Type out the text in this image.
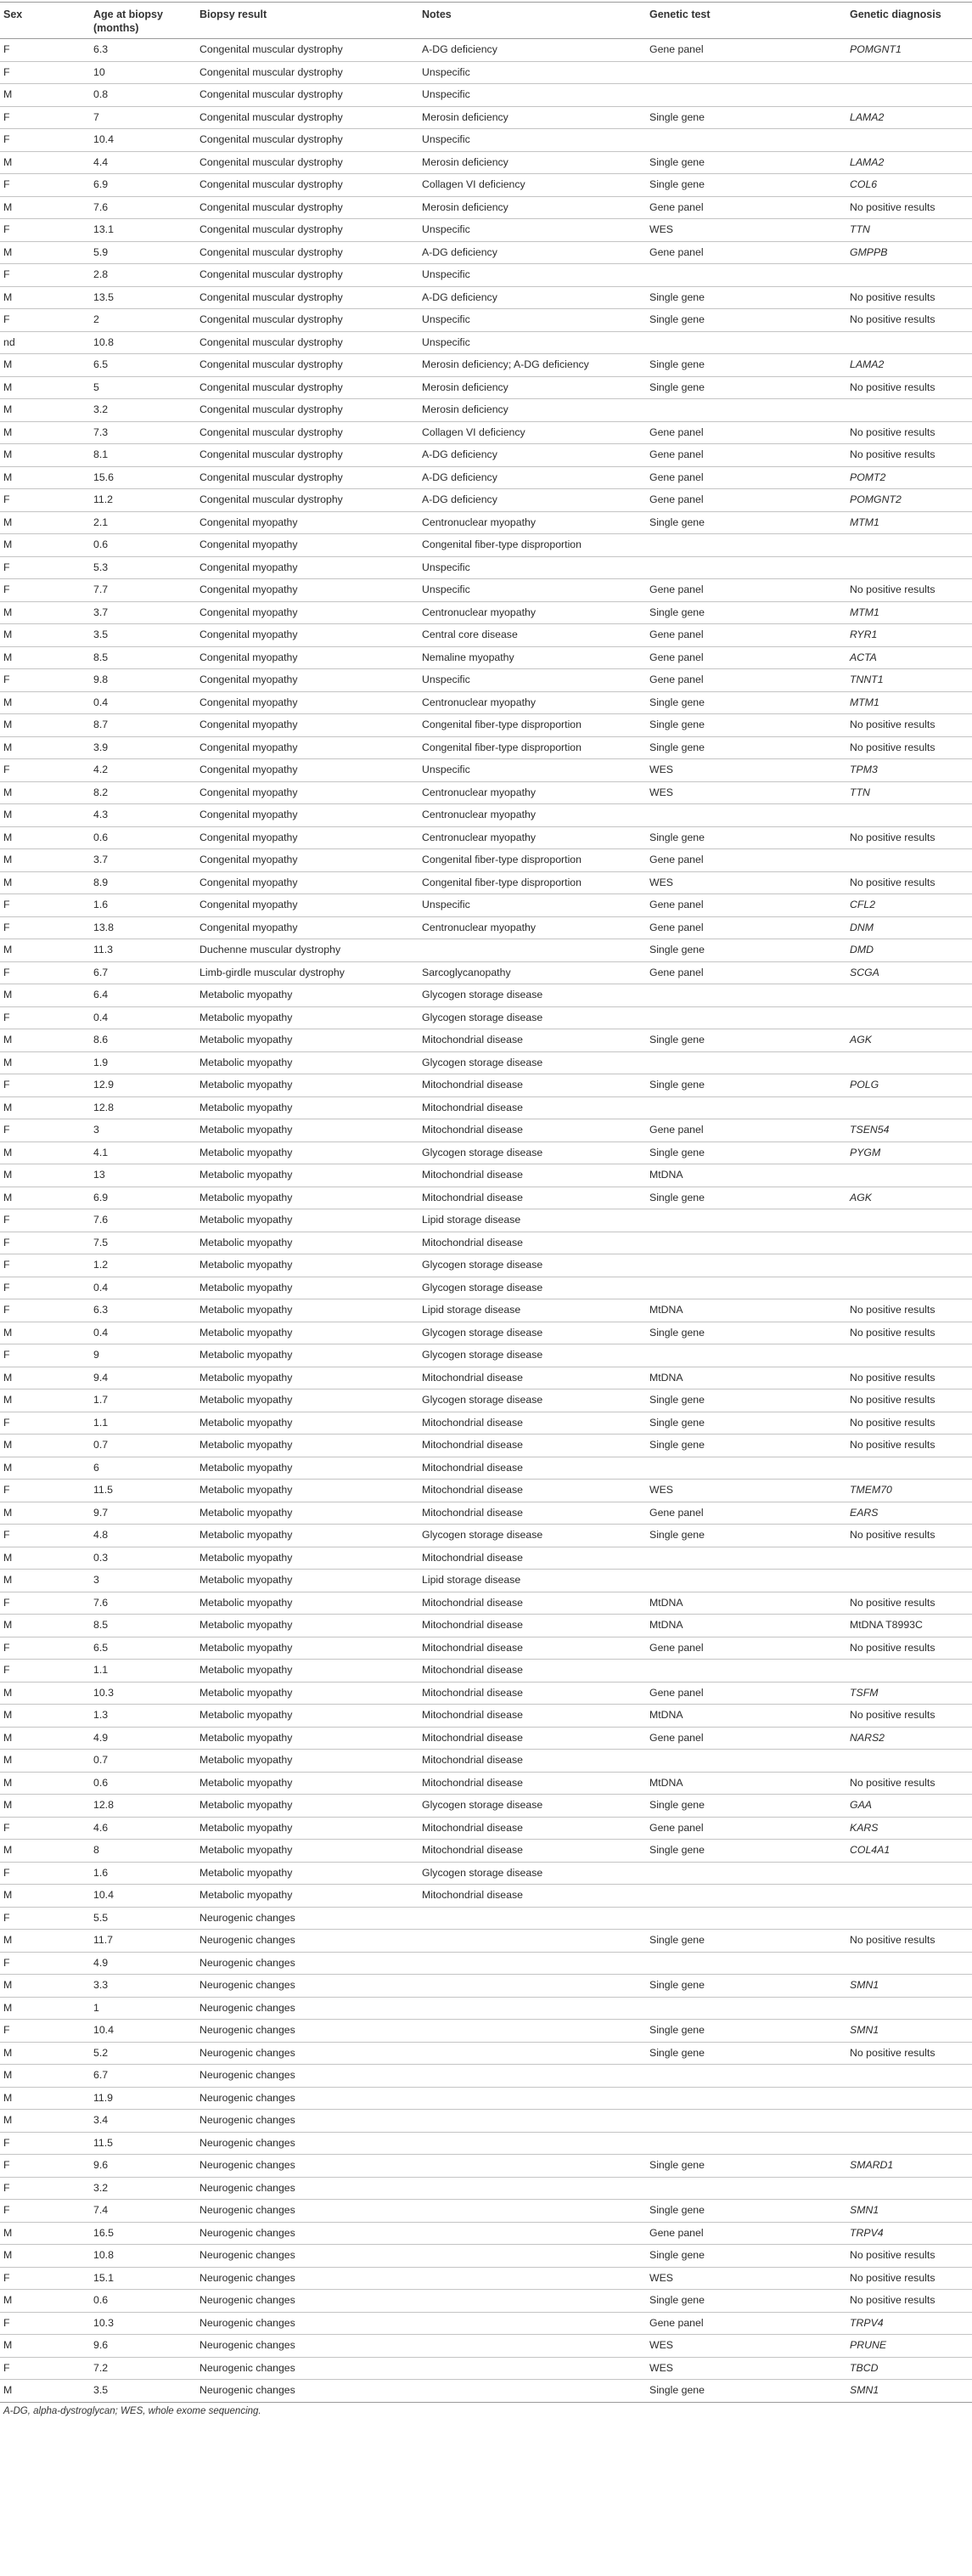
Sex	Age at biopsy (months)	Biopsy result	Notes	Genetic test	Genetic diagnosis
F	6.3	Congenital muscular dystrophy	A-DG deficiency	Gene panel	POMGNT1
F	10	Congenital muscular dystrophy	Unspecific		
M	0.8	Congenital muscular dystrophy	Unspecific		
F	7	Congenital muscular dystrophy	Merosin deficiency	Single gene	LAMA2
F	10.4	Congenital muscular dystrophy	Unspecific		
M	4.4	Congenital muscular dystrophy	Merosin deficiency	Single gene	LAMA2
F	6.9	Congenital muscular dystrophy	Collagen VI deficiency	Single gene	COL6
M	7.6	Congenital muscular dystrophy	Merosin deficiency	Gene panel	No positive results
F	13.1	Congenital muscular dystrophy	Unspecific	WES	TTN
M	5.9	Congenital muscular dystrophy	A-DG deficiency	Gene panel	GMPPB
F	2.8	Congenital muscular dystrophy	Unspecific		
M	13.5	Congenital muscular dystrophy	A-DG deficiency	Single gene	No positive results
F	2	Congenital muscular dystrophy	Unspecific	Single gene	No positive results
nd	10.8	Congenital muscular dystrophy	Unspecific		
M	6.5	Congenital muscular dystrophy	Merosin deficiency; A-DG deficiency	Single gene	LAMA2
M	5	Congenital muscular dystrophy	Merosin deficiency	Single gene	No positive results
M	3.2	Congenital muscular dystrophy	Merosin deficiency		
M	7.3	Congenital muscular dystrophy	Collagen VI deficiency	Gene panel	No positive results
M	8.1	Congenital muscular dystrophy	A-DG deficiency	Gene panel	No positive results
M	15.6	Congenital muscular dystrophy	A-DG deficiency	Gene panel	POMT2
F	11.2	Congenital muscular dystrophy	A-DG deficiency	Gene panel	POMGNT2
M	2.1	Congenital myopathy	Centronuclear myopathy	Single gene	MTM1
M	0.6	Congenital myopathy	Congenital fiber-type disproportion		
F	5.3	Congenital myopathy	Unspecific		
F	7.7	Congenital myopathy	Unspecific	Gene panel	No positive results
M	3.7	Congenital myopathy	Centronuclear myopathy	Single gene	MTM1
M	3.5	Congenital myopathy	Central core disease	Gene panel	RYR1
M	8.5	Congenital myopathy	Nemaline myopathy	Gene panel	ACTA
F	9.8	Congenital myopathy	Unspecific	Gene panel	TNNT1
M	0.4	Congenital myopathy	Centronuclear myopathy	Single gene	MTM1
M	8.7	Congenital myopathy	Congenital fiber-type disproportion	Single gene	No positive results
M	3.9	Congenital myopathy	Congenital fiber-type disproportion	Single gene	No positive results
F	4.2	Congenital myopathy	Unspecific	WES	TPM3
M	8.2	Congenital myopathy	Centronuclear myopathy	WES	TTN
M	4.3	Congenital myopathy	Centronuclear myopathy		
M	0.6	Congenital myopathy	Centronuclear myopathy	Single gene	No positive results
M	3.7	Congenital myopathy	Congenital fiber-type disproportion	Gene panel	
M	8.9	Congenital myopathy	Congenital fiber-type disproportion	WES	No positive results
F	1.6	Congenital myopathy	Unspecific	Gene panel	CFL2
F	13.8	Congenital myopathy	Centronuclear myopathy	Gene panel	DNM
M	11.3	Duchenne muscular dystrophy		Single gene	DMD
F	6.7	Limb-girdle muscular dystrophy	Sarcoglycanopathy	Gene panel	SCGA
M	6.4	Metabolic myopathy	Glycogen storage disease		
F	0.4	Metabolic myopathy	Glycogen storage disease		
M	8.6	Metabolic myopathy	Mitochondrial disease	Single gene	AGK
M	1.9	Metabolic myopathy	Glycogen storage disease		
F	12.9	Metabolic myopathy	Mitochondrial disease	Single gene	POLG
M	12.8	Metabolic myopathy	Mitochondrial disease		
F	3	Metabolic myopathy	Mitochondrial disease	Gene panel	TSEN54
M	4.1	Metabolic myopathy	Glycogen storage disease	Single gene	PYGM
M	13	Metabolic myopathy	Mitochondrial disease	MtDNA	
M	6.9	Metabolic myopathy	Mitochondrial disease	Single gene	AGK
F	7.6	Metabolic myopathy	Lipid storage disease		
F	7.5	Metabolic myopathy	Mitochondrial disease		
F	1.2	Metabolic myopathy	Glycogen storage disease		
F	0.4	Metabolic myopathy	Glycogen storage disease		
F	6.3	Metabolic myopathy	Lipid storage disease	MtDNA	No positive results
M	0.4	Metabolic myopathy	Glycogen storage disease	Single gene	No positive results
F	9	Metabolic myopathy	Glycogen storage disease		
M	9.4	Metabolic myopathy	Mitochondrial disease	MtDNA	No positive results
M	1.7	Metabolic myopathy	Glycogen storage disease	Single gene	No positive results
F	1.1	Metabolic myopathy	Mitochondrial disease	Single gene	No positive results
M	0.7	Metabolic myopathy	Mitochondrial disease	Single gene	No positive results
M	6	Metabolic myopathy	Mitochondrial disease		
F	11.5	Metabolic myopathy	Mitochondrial disease	WES	TMEM70
M	9.7	Metabolic myopathy	Mitochondrial disease	Gene panel	EARS
F	4.8	Metabolic myopathy	Glycogen storage disease	Single gene	No positive results
M	0.3	Metabolic myopathy	Mitochondrial disease		
M	3	Metabolic myopathy	Lipid storage disease		
F	7.6	Metabolic myopathy	Mitochondrial disease	MtDNA	No positive results
M	8.5	Metabolic myopathy	Mitochondrial disease	MtDNA	MtDNA T8993C
F	6.5	Metabolic myopathy	Mitochondrial disease	Gene panel	No positive results
F	1.1	Metabolic myopathy	Mitochondrial disease		
M	10.3	Metabolic myopathy	Mitochondrial disease	Gene panel	TSFM
M	1.3	Metabolic myopathy	Mitochondrial disease	MtDNA	No positive results
M	4.9	Metabolic myopathy	Mitochondrial disease	Gene panel	NARS2
M	0.7	Metabolic myopathy	Mitochondrial disease		
M	0.6	Metabolic myopathy	Mitochondrial disease	MtDNA	No positive results
M	12.8	Metabolic myopathy	Glycogen storage disease	Single gene	GAA
F	4.6	Metabolic myopathy	Mitochondrial disease	Gene panel	KARS
M	8	Metabolic myopathy	Mitochondrial disease	Single gene	COL4A1
F	1.6	Metabolic myopathy	Glycogen storage disease		
M	10.4	Metabolic myopathy	Mitochondrial disease		
F	5.5	Neurogenic changes			
M	11.7	Neurogenic changes		Single gene	No positive results
F	4.9	Neurogenic changes			
M	3.3	Neurogenic changes		Single gene	SMN1
M	1	Neurogenic changes			
F	10.4	Neurogenic changes		Single gene	SMN1
M	5.2	Neurogenic changes		Single gene	No positive results
M	6.7	Neurogenic changes			
M	11.9	Neurogenic changes			
M	3.4	Neurogenic changes			
F	11.5	Neurogenic changes			
F	9.6	Neurogenic changes		Single gene	SMARD1
F	3.2	Neurogenic changes			
F	7.4	Neurogenic changes		Single gene	SMN1
M	16.5	Neurogenic changes		Gene panel	TRPV4
M	10.8	Neurogenic changes		Single gene	No positive results
F	15.1	Neurogenic changes		WES	No positive results
M	0.6	Neurogenic changes		Single gene	No positive results
F	10.3	Neurogenic changes		Gene panel	TRPV4
M	9.6	Neurogenic changes		WES	PRUNE
F	7.2	Neurogenic changes		WES	TBCD
M	3.5	Neurogenic changes		Single gene	SMN1
A-DG, alpha-dystroglycan; WES, whole exome sequencing.
